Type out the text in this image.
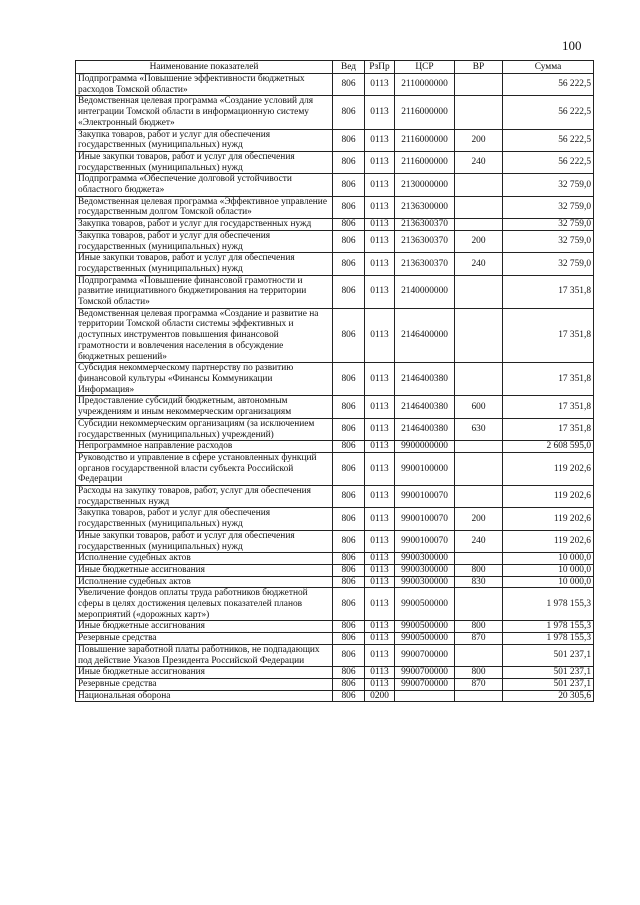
100
Наименование показателей	Вед	РзПр	ЦСР	ВР	Сумма
Подпрограмма «Повышение эффективности бюджетных расходов Томской области»	806	0113	2110000000		56 222,5
Ведомственная целевая программа «Создание условий для интеграции Томской области в информационную систему «Электронный бюджет»	806	0113	2116000000		56 222,5
Закупка товаров, работ и услуг для обеспечения государственных (муниципальных) нужд	806	0113	2116000000	200	56 222,5
Иные закупки товаров, работ и услуг для обеспечения государственных (муниципальных) нужд	806	0113	2116000000	240	56 222,5
Подпрограмма «Обеспечение долговой устойчивости областного бюджета»	806	0113	2130000000		32 759,0
Ведомственная целевая программа «Эффективное управление государственным долгом Томской области»	806	0113	2136300000		32 759,0
Закупка товаров, работ и услуг для государственных нужд	806	0113	2136300370		32 759,0
Закупка товаров, работ и услуг для обеспечения государственных (муниципальных) нужд	806	0113	2136300370	200	32 759,0
Иные закупки товаров, работ и услуг для обеспечения государственных (муниципальных) нужд	806	0113	2136300370	240	32 759,0
Подпрограмма «Повышение финансовой грамотности и развитие инициативного бюджетирования на территории Томской области»	806	0113	2140000000		17 351,8
Ведомственная целевая программа «Создание и развитие на территории Томской области системы эффективных и доступных инструментов повышения финансовой грамотности и вовлечения населения в обсуждение бюджетных решений»	806	0113	2146400000		17 351,8
Субсидия некоммерческому партнерству по развитию финансовой культуры «Финансы Коммуникации Информация»	806	0113	2146400380		17 351,8
Предоставление субсидий бюджетным, автономным учреждениям и иным некоммерческим организациям	806	0113	2146400380	600	17 351,8
Субсидии некоммерческим организациям (за исключением государственных (муниципальных) учреждений)	806	0113	2146400380	630	17 351,8
Непрограммное направление расходов	806	0113	9900000000		2 608 595,0
Руководство и управление в сфере установленных функций органов государственной власти субъекта Российской Федерации	806	0113	9900100000		119 202,6
Расходы на закупку товаров, работ, услуг для обеспечения государственных нужд	806	0113	9900100070		119 202,6
Закупка товаров, работ и услуг для обеспечения государственных (муниципальных) нужд	806	0113	9900100070	200	119 202,6
Иные закупки товаров, работ и услуг для обеспечения государственных (муниципальных) нужд	806	0113	9900100070	240	119 202,6
Исполнение судебных актов	806	0113	9900300000		10 000,0
Иные бюджетные ассигнования	806	0113	9900300000	800	10 000,0
Исполнение судебных актов	806	0113	9900300000	830	10 000,0
Увеличение фондов оплаты труда работников бюджетной сферы в целях достижения целевых показателей планов мероприятий («дорожных карт»)	806	0113	9900500000		1 978 155,3
Иные бюджетные ассигнования	806	0113	9900500000	800	1 978 155,3
Резервные средства	806	0113	9900500000	870	1 978 155,3
Повышение заработной платы работников, не подпадающих под действие Указов Президента Российской Федерации	806	0113	9900700000		501 237,1
Иные бюджетные ассигнования	806	0113	9900700000	800	501 237,1
Резервные средства	806	0113	9900700000	870	501 237,1
Национальная оборона	806	0200			20 305,6
